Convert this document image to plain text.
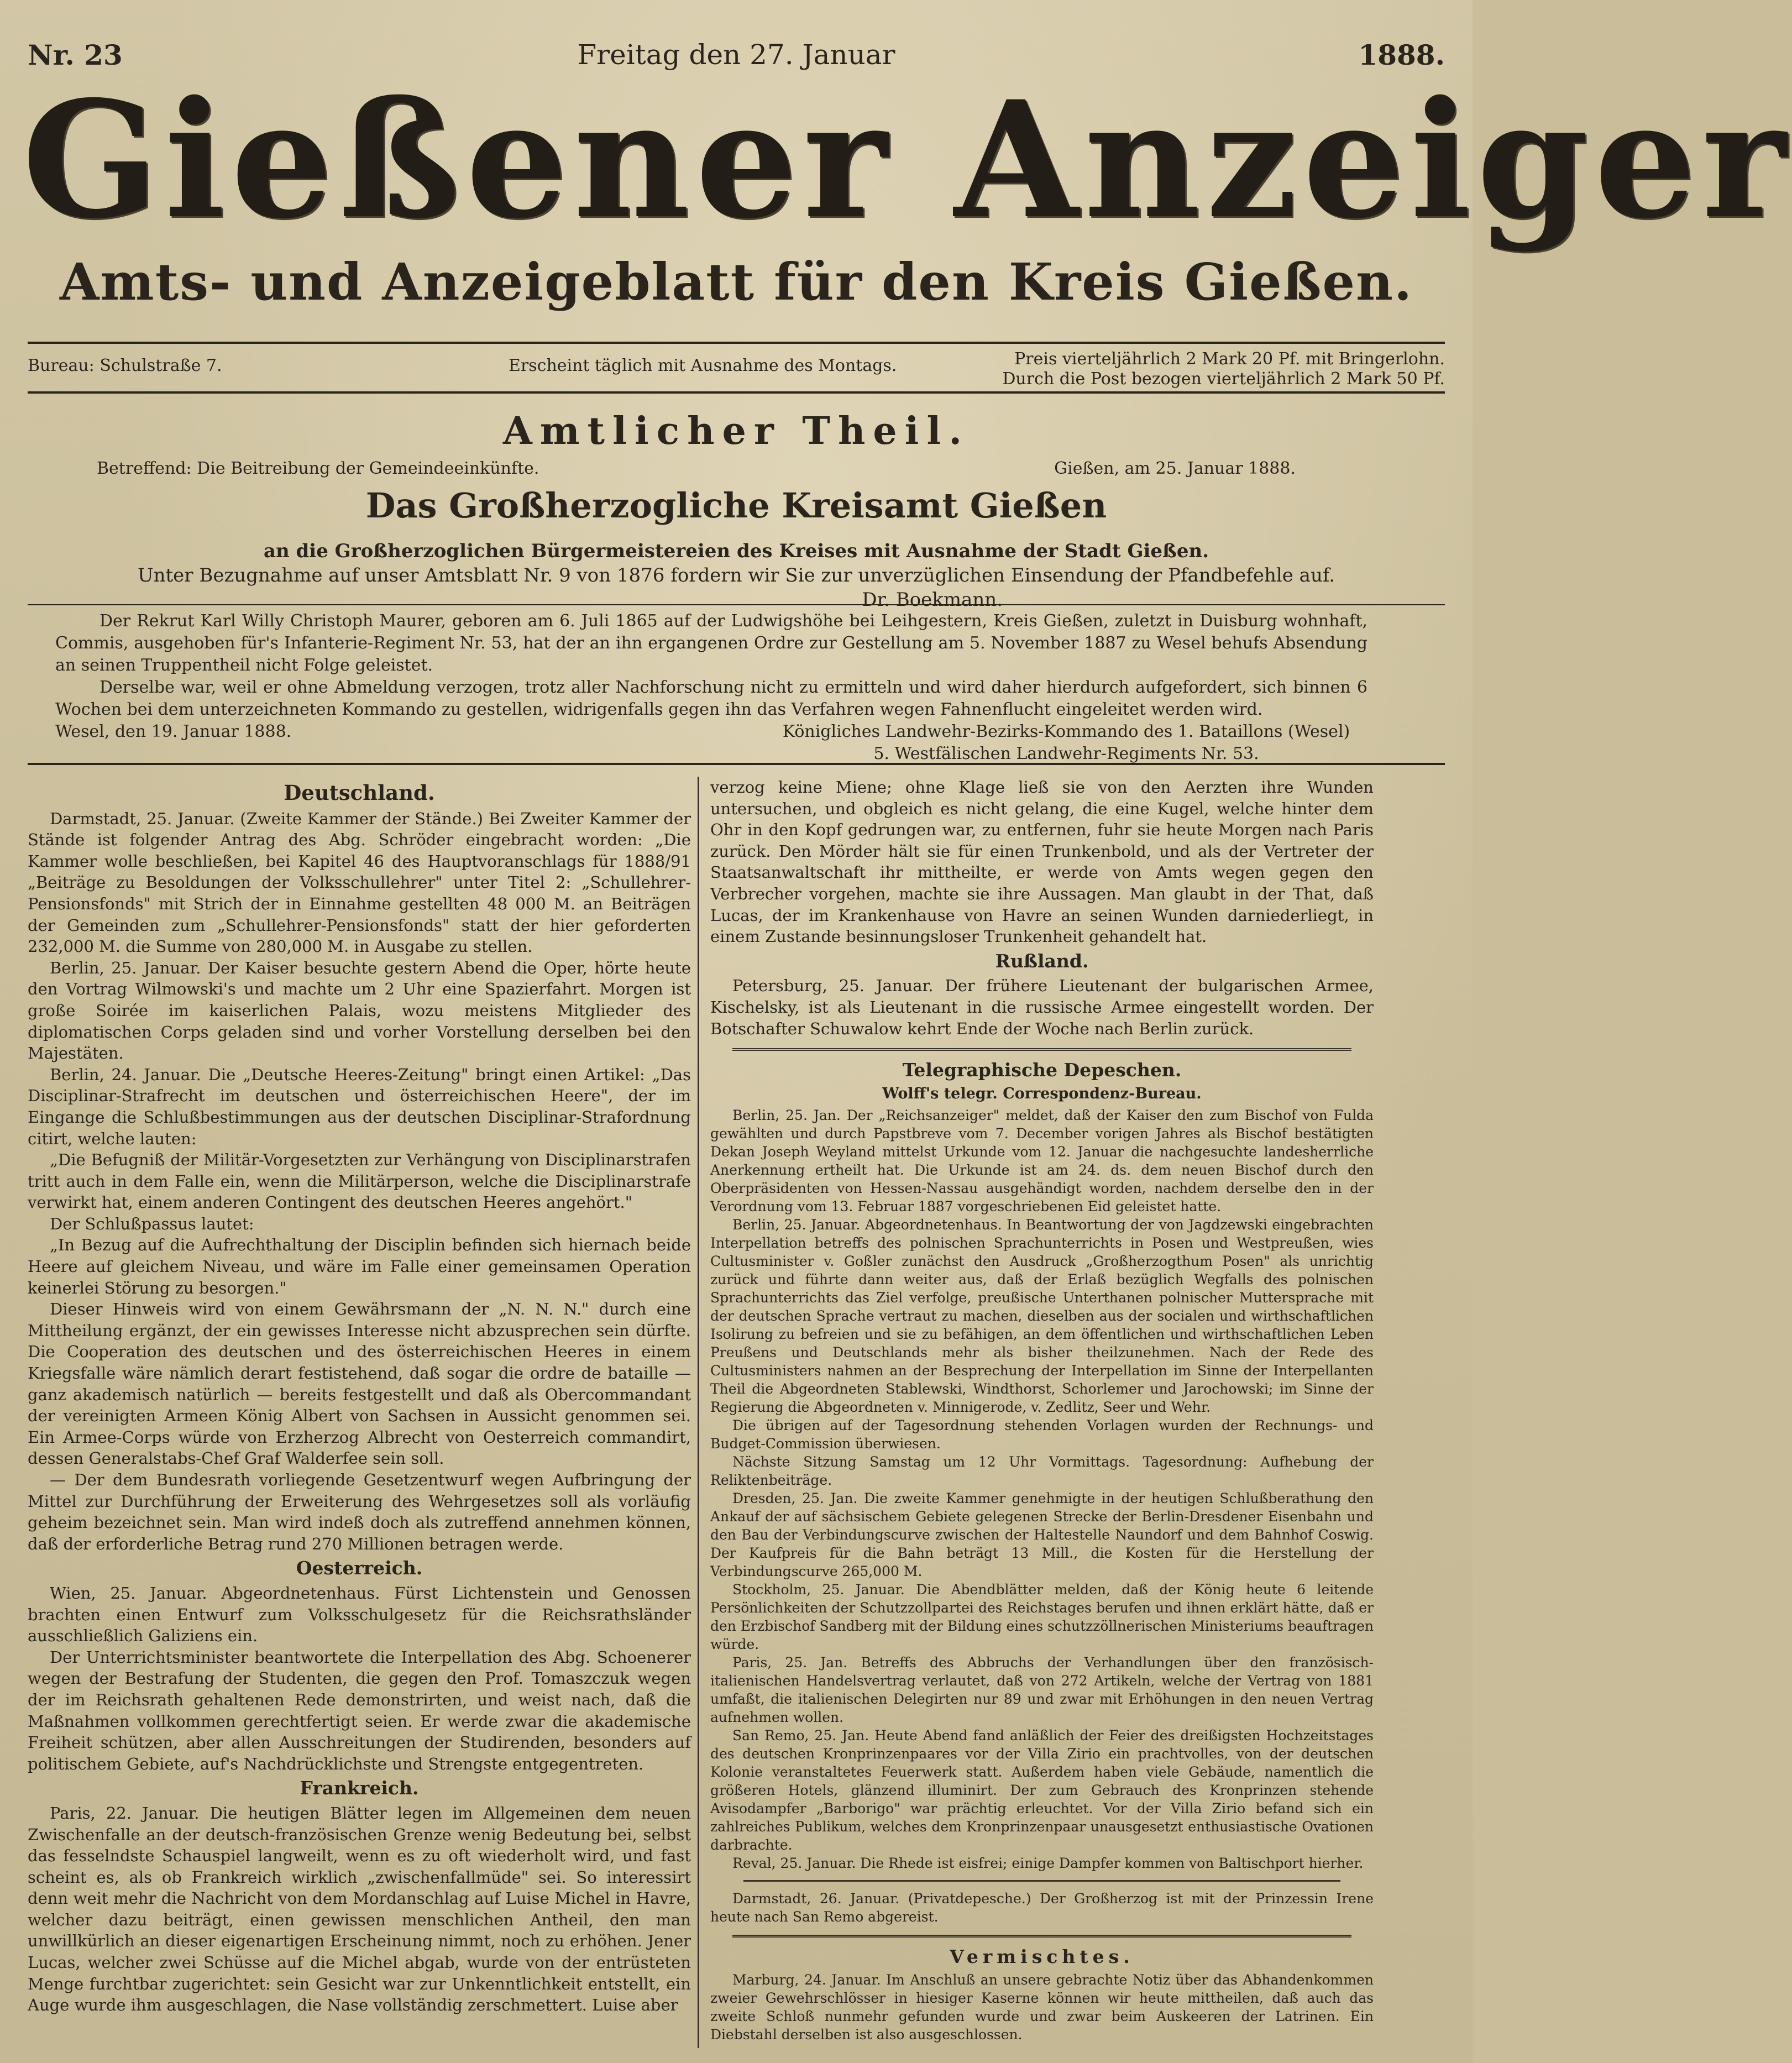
Nr. 23	Freitag den 27. Januar	1888.
Gießener Anzeiger
Amts- und Anzeigeblatt für den Kreis Gießen.
Bureau: Schulstraße 7.	Erscheint täglich mit Ausnahme des Montags.	Preis vierteljährlich 2 Mark 20 Pf. mit Bringerlohn.
Durch die Post bezogen vierteljährlich 2 Mark 50 Pf.
Amtlicher Theil.
Betreffend: Die Beitreibung der Gemeindeeinkünfte.	Gießen, am 25. Januar 1888.
Das Großherzogliche Kreisamt Gießen
an die Großherzoglichen Bürgermeistereien des Kreises mit Ausnahme der Stadt Gießen.
Unter Bezugnahme auf unser Amtsblatt Nr. 9 von 1876 fordern wir Sie zur unverzüglichen Einsendung der Pfandbefehle auf.
Dr. Boekmann.

Der Rekrut Karl Willy Christoph Maurer, geboren am 6. Juli 1865 auf der Ludwigshöhe bei Leihgestern, Kreis Gießen, zuletzt in Duisburg wohnhaft, Commis, ausgehoben für's Infanterie-Regiment Nr. 53, hat der an ihn ergangenen Ordre zur Gestellung am 5. November 1887 zu Wesel behufs Absendung an seinen Truppentheil nicht Folge geleistet.

Derselbe war, weil er ohne Abmeldung verzogen, trotz aller Nachforschung nicht zu ermitteln und wird daher hierdurch aufgefordert, sich binnen 6 Wochen bei dem unterzeichneten Kommando zu gestellen, widrigenfalls gegen ihn das Verfahren wegen Fahnenflucht eingeleitet werden wird.

Wesel, den 19. Januar 1888.	Königliches Landwehr-Bezirks-Kommando des 1. Bataillons (Wesel)
5. Westfälischen Landwehr-Regiments Nr. 53.
Deutschland.

Darmstadt, 25. Januar. (Zweite Kammer der Stände.) Bei Zweiter Kammer der Stände ist folgender Antrag des Abg. Schröder eingebracht worden: „Die Kammer wolle beschließen, bei Kapitel 46 des Hauptvoranschlags für 1888/91 „Beiträge zu Besoldungen der Volksschullehrer" unter Titel 2: „Schullehrer-Pensionsfonds" mit Strich der in Einnahme gestellten 48 000 M. an Beiträgen der Gemeinden zum „Schullehrer-Pensionsfonds" statt der hier geforderten 232,000 M. die Summe von 280,000 M. in Ausgabe zu stellen.

Berlin, 25. Januar. Der Kaiser besuchte gestern Abend die Oper, hörte heute den Vortrag Wilmowski's und machte um 2 Uhr eine Spazierfahrt. Morgen ist große Soirée im kaiserlichen Palais, wozu meistens Mitglieder des diplomatischen Corps geladen sind und vorher Vorstellung derselben bei den Majestäten.

Berlin, 24. Januar. Die „Deutsche Heeres-Zeitung" bringt einen Artikel: „Das Disciplinar-Strafrecht im deutschen und österreichischen Heere", der im Eingange die Schlußbestimmungen aus der deutschen Disciplinar-Strafordnung citirt, welche lauten:

„Die Befugniß der Militär-Vorgesetzten zur Verhängung von Disciplinarstrafen tritt auch in dem Falle ein, wenn die Militärperson, welche die Disciplinarstrafe verwirkt hat, einem anderen Contingent des deutschen Heeres angehört."

Der Schlußpassus lautet:

„In Bezug auf die Aufrechthaltung der Disciplin befinden sich hiernach beide Heere auf gleichem Niveau, und wäre im Falle einer gemeinsamen Operation keinerlei Störung zu besorgen."

Dieser Hinweis wird von einem Gewährsmann der „N. N. N." durch eine Mittheilung ergänzt, der ein gewisses Interesse nicht abzusprechen sein dürfte. Die Cooperation des deutschen und des österreichischen Heeres in einem Kriegsfalle wäre nämlich derart festistehend, daß sogar die ordre de bataille — ganz akademisch natürlich — bereits festgestellt und daß als Obercommandant der vereinigten Armeen König Albert von Sachsen in Aussicht genommen sei. Ein Armee-Corps würde von Erzherzog Albrecht von Oesterreich commandirt, dessen Generalstabs-Chef Graf Walderfee sein soll.

— Der dem Bundesrath vorliegende Gesetzentwurf wegen Aufbringung der Mittel zur Durchführung der Erweiterung des Wehrgesetzes soll als vorläufig geheim bezeichnet sein. Man wird indeß doch als zutreffend annehmen können, daß der erforderliche Betrag rund 270 Millionen betragen werde.

Oesterreich.

Wien, 25. Januar. Abgeordnetenhaus. Fürst Lichtenstein und Genossen brachten einen Entwurf zum Volksschulgesetz für die Reichsrathsländer ausschließlich Galiziens ein.

Der Unterrichtsminister beantwortete die Interpellation des Abg. Schoenerer wegen der Bestrafung der Studenten, die gegen den Prof. Tomaszczuk wegen der im Reichsrath gehaltenen Rede demonstrirten, und weist nach, daß die Maßnahmen vollkommen gerechtfertigt seien. Er werde zwar die akademische Freiheit schützen, aber allen Ausschreitungen der Studirenden, besonders auf politischem Gebiete, auf's Nachdrücklichste und Strengste entgegentreten.

Frankreich.

Paris, 22. Januar. Die heutigen Blätter legen im Allgemeinen dem neuen Zwischenfalle an der deutsch-französischen Grenze wenig Bedeutung bei, selbst das fesselndste Schauspiel langweilt, wenn es zu oft wiederholt wird, und fast scheint es, als ob Frankreich wirklich „zwischenfallmüde" sei. So interessirt denn weit mehr die Nachricht von dem Mordanschlag auf Luise Michel in Havre, welcher dazu beiträgt, einen gewissen menschlichen Antheil, den man unwillkürlich an dieser eigenartigen Erscheinung nimmt, noch zu erhöhen. Jener Lucas, welcher zwei Schüsse auf die Michel abgab, wurde von der entrüsteten Menge furchtbar zugerichtet: sein Gesicht war zur Unkenntlichkeit entstellt, ein Auge wurde ihm ausgeschlagen, die Nase vollständig zerschmettert. Luise aber

verzog keine Miene; ohne Klage ließ sie von den Aerzten ihre Wunden untersuchen, und obgleich es nicht gelang, die eine Kugel, welche hinter dem Ohr in den Kopf gedrungen war, zu entfernen, fuhr sie heute Morgen nach Paris zurück. Den Mörder hält sie für einen Trunkenbold, und als der Vertreter der Staatsanwaltschaft ihr mittheilte, er werde von Amts wegen gegen den Verbrecher vorgehen, machte sie ihre Aussagen. Man glaubt in der That, daß Lucas, der im Krankenhause von Havre an seinen Wunden darniederliegt, in einem Zustande besinnungsloser Trunkenheit gehandelt hat.

Rußland.

Petersburg, 25. Januar. Der frühere Lieutenant der bulgarischen Armee, Kischelsky, ist als Lieutenant in die russische Armee eingestellt worden. Der Botschafter Schuwalow kehrt Ende der Woche nach Berlin zurück.

Telegraphische Depeschen.
Wolff's telegr. Correspondenz-Bureau.

Berlin, 25. Jan. Der „Reichsanzeiger" meldet, daß der Kaiser den zum Bischof von Fulda gewählten und durch Papstbreve vom 7. December vorigen Jahres als Bischof bestätigten Dekan Joseph Weyland mittelst Urkunde vom 12. Januar die nachgesuchte landesherrliche Anerkennung ertheilt hat. Die Urkunde ist am 24. ds. dem neuen Bischof durch den Oberpräsidenten von Hessen-Nassau ausgehändigt worden, nachdem derselbe den in der Verordnung vom 13. Februar 1887 vorgeschriebenen Eid geleistet hatte.

Berlin, 25. Januar. Abgeordnetenhaus. In Beantwortung der von Jagdzewski eingebrachten Interpellation betreffs des polnischen Sprachunterrichts in Posen und Westpreußen, wies Cultusminister v. Goßler zunächst den Ausdruck „Großherzogthum Posen" als unrichtig zurück und führte dann weiter aus, daß der Erlaß bezüglich Wegfalls des polnischen Sprachunterrichts das Ziel verfolge, preußische Unterthanen polnischer Muttersprache mit der deutschen Sprache vertraut zu machen, dieselben aus der socialen und wirthschaftlichen Isolirung zu befreien und sie zu befähigen, an dem öffentlichen und wirthschaftlichen Leben Preußens und Deutschlands mehr als bisher theilzunehmen. Nach der Rede des Cultusministers nahmen an der Besprechung der Interpellation im Sinne der Interpellanten Theil die Abgeordneten Stablewski, Windthorst, Schorlemer und Jarochowski; im Sinne der Regierung die Abgeordneten v. Minnigerode, v. Zedlitz, Seer und Wehr.

Die übrigen auf der Tagesordnung stehenden Vorlagen wurden der Rechnungs- und Budget-Commission überwiesen.

Nächste Sitzung Samstag um 12 Uhr Vormittags. Tagesordnung: Aufhebung der Reliktenbeiträge.

Dresden, 25. Jan. Die zweite Kammer genehmigte in der heutigen Schlußberathung den Ankauf der auf sächsischem Gebiete gelegenen Strecke der Berlin-Dresdener Eisenbahn und den Bau der Verbindungscurve zwischen der Haltestelle Naundorf und dem Bahnhof Coswig. Der Kaufpreis für die Bahn beträgt 13 Mill., die Kosten für die Herstellung der Verbindungscurve 265,000 M.

Stockholm, 25. Januar. Die Abendblätter melden, daß der König heute 6 leitende Persönlichkeiten der Schutzzollpartei des Reichstages berufen und ihnen erklärt hätte, daß er den Erzbischof Sandberg mit der Bildung eines schutzzöllnerischen Ministeriums beauftragen würde.

Paris, 25. Jan. Betreffs des Abbruchs der Verhandlungen über den französisch-italienischen Handelsvertrag verlautet, daß von 272 Artikeln, welche der Vertrag von 1881 umfaßt, die italienischen Delegirten nur 89 und zwar mit Erhöhungen in den neuen Vertrag aufnehmen wollen.

San Remo, 25. Jan. Heute Abend fand anläßlich der Feier des dreißigsten Hochzeitstages des deutschen Kronprinzenpaares vor der Villa Zirio ein prachtvolles, von der deutschen Kolonie veranstaltetes Feuerwerk statt. Außerdem haben viele Gebäude, namentlich die größeren Hotels, glänzend illuminirt. Der zum Gebrauch des Kronprinzen stehende Avisodampfer „Barborigo" war prächtig erleuchtet. Vor der Villa Zirio befand sich ein zahlreiches Publikum, welches dem Kronprinzenpaar unausgesetzt enthusiastische Ovationen darbrachte.

Reval, 25. Januar. Die Rhede ist eisfrei; einige Dampfer kommen von Baltischport hierher.

Darmstadt, 26. Januar. (Privatdepesche.) Der Großherzog ist mit der Prinzessin Irene heute nach San Remo abgereist.

Vermischtes.

Marburg, 24. Januar. Im Anschluß an unsere gebrachte Notiz über das Abhandenkommen zweier Gewehrschlösser in hiesiger Kaserne können wir heute mittheilen, daß auch das zweite Schloß nunmehr gefunden wurde und zwar beim Auskeeren der Latrinen. Ein Diebstahl derselben ist also ausgeschlossen.
